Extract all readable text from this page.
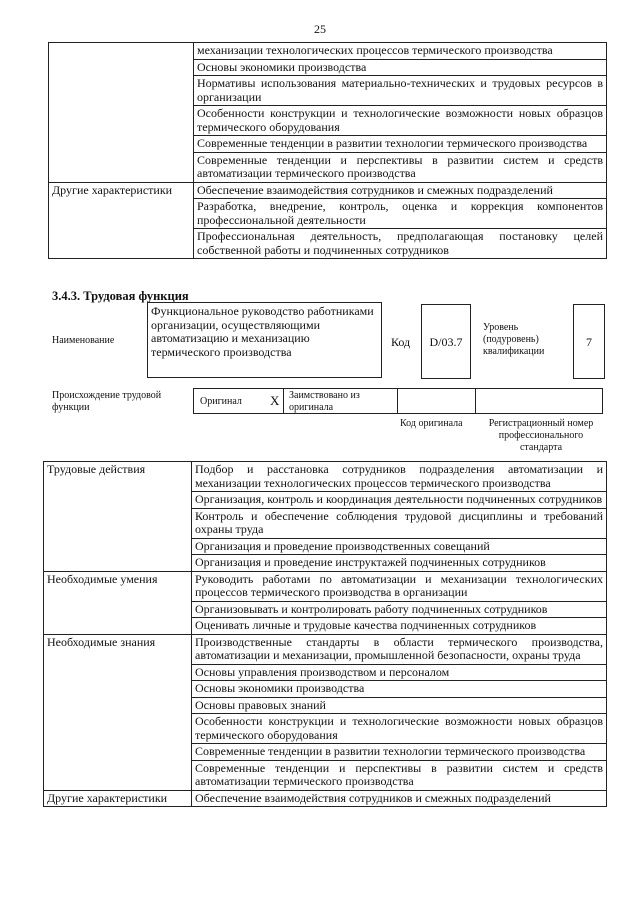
25
	механизации технологических процессов термического производства
	Основы экономики производства
	Нормативы использования материально-технических и трудовых ресурсов в организации
	Особенности конструкции и технологические возможности новых образцов термического оборудования
	Современные тенденции в развитии технологии термического производства
	Современные тенденции и перспективы в развитии систем и средств автоматизации термического производства
Другие характеристики	Обеспечение взаимодействия сотрудников и смежных подразделений
	Разработка, внедрение, контроль, оценка и коррекция компонентов профессиональной деятельности
	Профессиональная деятельность, предполагающая постановку целей собственной работы и подчиненных сотрудников
3.4.3. Трудовая функция
Наименование
Функциональное руководство работниками организации, осуществляющими автоматизацию и механизацию термического производства
Код	D/03.7
Уровень (подуровень) квалификации
7
Происхождение трудовой функции
Оригинал X Заимствовано из оригинала
Код оригинала	Регистрационный номер профессионального стандарта
Трудовые действия	Подбор и расстановка сотрудников подразделения автоматизации и механизации технологических процессов термического производства
	Организация, контроль и координация деятельности подчиненных сотрудников
	Контроль и обеспечение соблюдения трудовой дисциплины и требований охраны труда
	Организация и проведение производственных совещаний
	Организация и проведение инструктажей подчиненных сотрудников
Необходимые умения	Руководить работами по автоматизации и механизации технологических процессов термического производства в организации
	Организовывать и контролировать работу подчиненных сотрудников
	Оценивать личные и трудовые качества подчиненных сотрудников
Необходимые знания	Производственные стандарты в области термического производства, автоматизации и механизации, промышленной безопасности, охраны труда
	Основы управления производством и персоналом
	Основы экономики производства
	Основы правовых знаний
	Особенности конструкции и технологические возможности новых образцов термического оборудования
	Современные тенденции в развитии технологии термического производства
	Современные тенденции и перспективы в развитии систем и средств автоматизации термического производства
Другие характеристики	Обеспечение взаимодействия сотрудников и смежных подразделений
